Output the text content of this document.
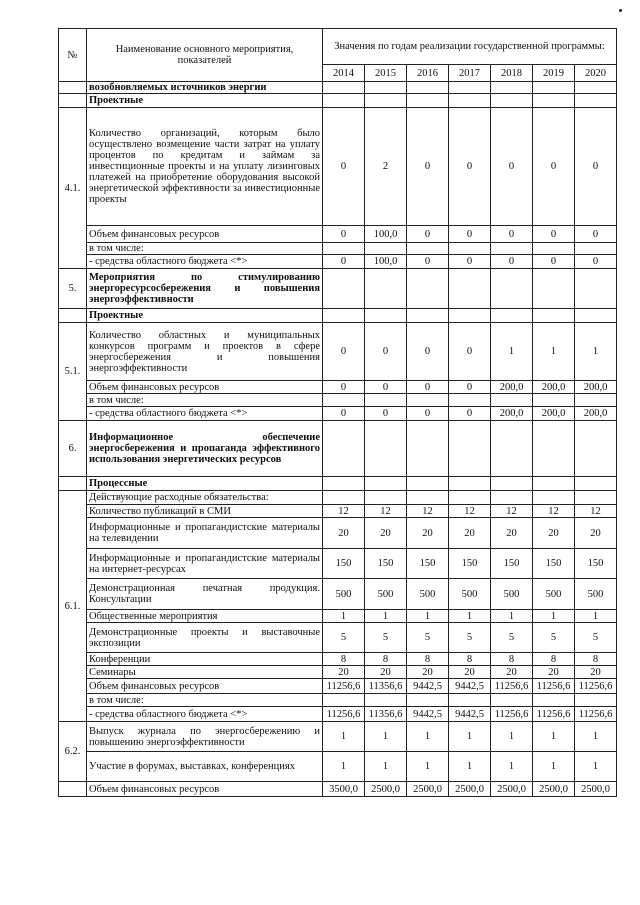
№	Наименование основного мероприятия, показателей	Значения по годам реализации государственной программы:						
		2014	2015	2016	2017	2018	2019	2020
	возобновляемых источников энергии							
	Проектные							
4.1.	Количество организаций, которым было осуществлено возмещение части затрат на уплату процентов по кредитам и займам за инвестиционные проекты и на уплату лизинговых платежей на приобретение оборудования высокой энергетической эффективности за инвестиционные проекты	0	2	0	0	0	0	0
	Объем финансовых ресурсов	0	100,0	0	0	0	0	0
	в том числе:							
	- средства областного бюджета <*>	0	100,0	0	0	0	0	0
5.	Мероприятия по стимулированию энергоресурсосбережения и повышения энергоэффективности							
	Проектные							
5.1.	Количество областных и муниципальных конкурсов программ и проектов в сфере энергосбережения и повышения энергоэффективности	0	0	0	0	1	1	1
	Объем финансовых ресурсов	0	0	0	0	200,0	200,0	200,0
	в том числе:							
	- средства областного бюджета <*>	0	0	0	0	200,0	200,0	200,0
6.	Информационное обеспечение энергосбережения и пропаганда эффективного использования энергетических ресурсов							
	Процессные							
6.1.	Действующие расходные обязательства:							
	Количество публикаций в СМИ	12	12	12	12	12	12	12
	Информационные и пропагандистские материалы на телевидении	20	20	20	20	20	20	20
	Информационные и пропагандистские материалы на интернет-ресурсах	150	150	150	150	150	150	150
	Демонстрационная печатная продукция. Консультации	500	500	500	500	500	500	500
	Общественные мероприятия	1	1	1	1	1	1	1
	Демонстрационные проекты и выставочные экспозиции	5	5	5	5	5	5	5
	Конференции	8	8	8	8	8	8	8
	Семинары	20	20	20	20	20	20	20
	Объем финансовых ресурсов	11256,6	11356,6	9442,5	9442,5	11256,6	11256,6	11256,6
	в том числе:							
	- средства областного бюджета <*>	11256,6	11356,6	9442,5	9442,5	11256,6	11256,6	11256,6
6.2.	Выпуск журнала по энергосбережению и повышению энергоэффективности	1	1	1	1	1	1	1
	Участие в форумах, выставках, конференциях	1	1	1	1	1	1	1
	Объем финансовых ресурсов	3500,0	2500,0	2500,0	2500,0	2500,0	2500,0	2500,0
